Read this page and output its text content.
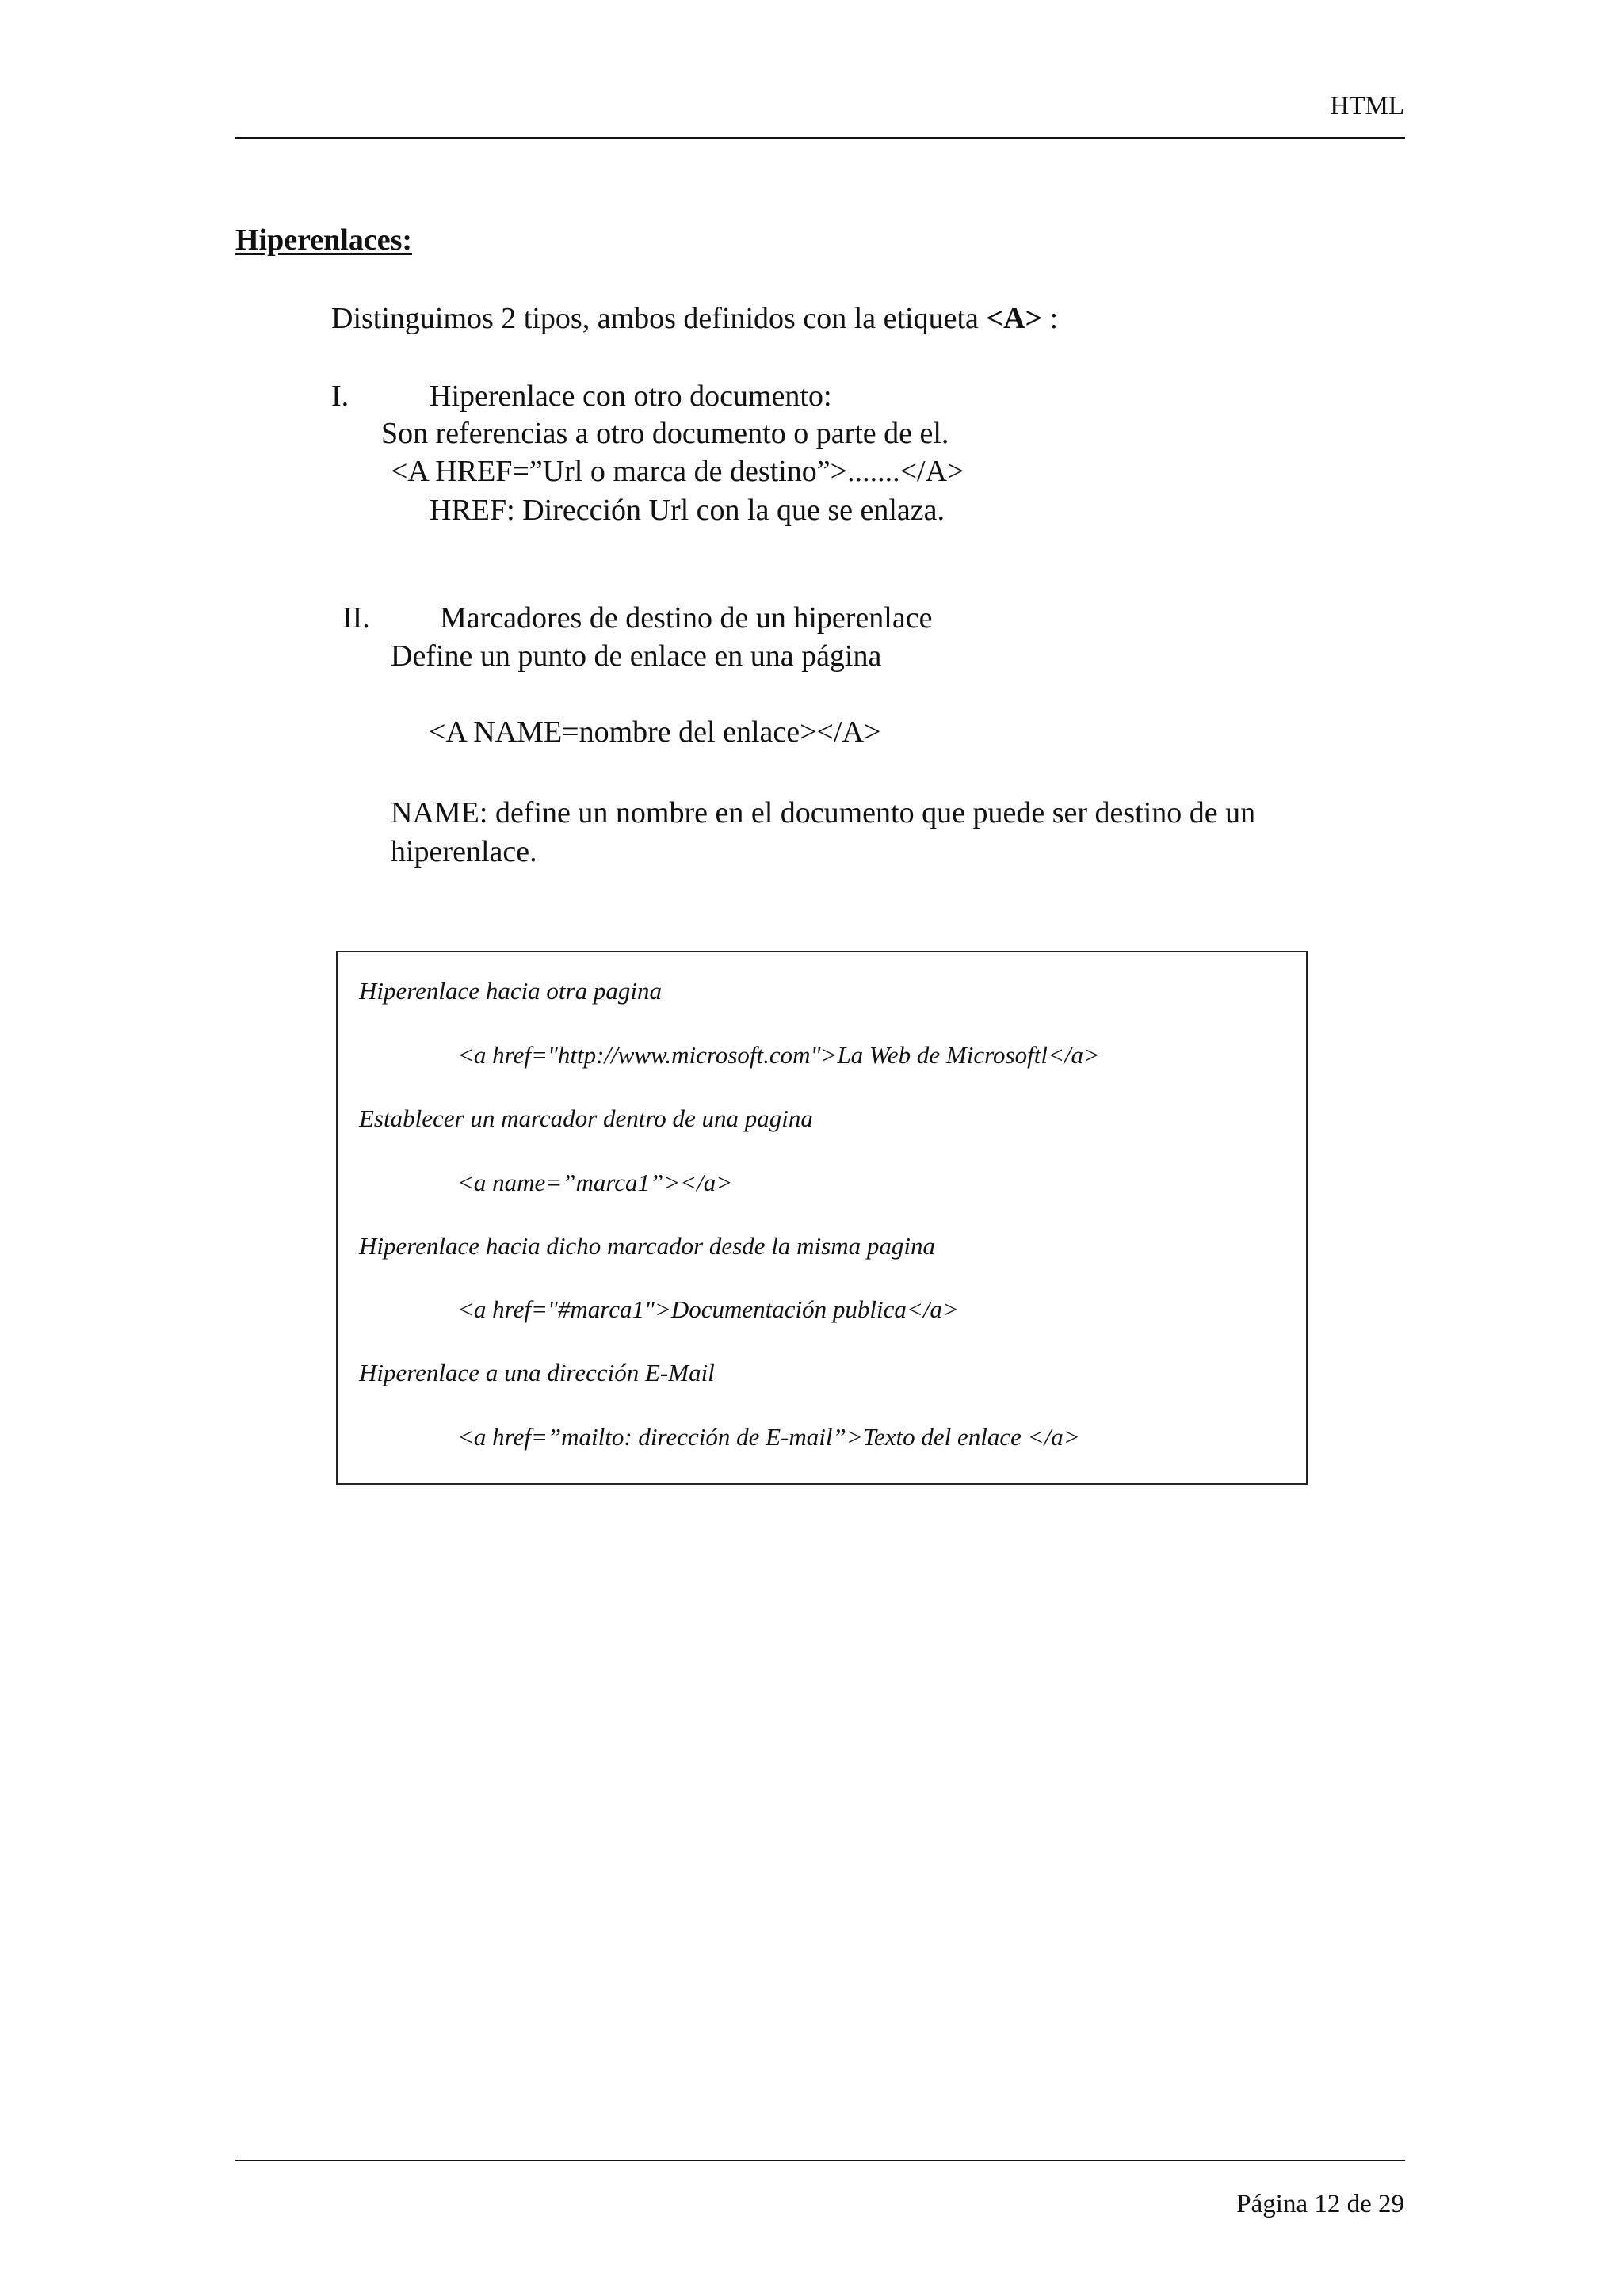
HTML
Hiperenlaces:
Distinguimos 2 tipos, ambos definidos con la etiqueta <A> :
I.	Hiperenlace con otro documento:
Son referencias a otro documento o parte de el.
<A HREF=”Url o marca de destino”>.......</A>
HREF: Dirección Url con la que se enlaza.
II. Marcadores de destino de un hiperenlace
Define un punto de enlace en una página
<A NAME=nombre del enlace></A>
NAME: define un nombre en el documento que puede ser destino de un hiperenlace.
Hiperenlace hacia otra pagina
<a href="http://www.microsoft.com">La Web de Microsoftl</a>
Establecer un marcador dentro de una pagina
<a name=”marca1”></a>
Hiperenlace hacia dicho marcador desde la misma pagina
<a href="#marca1">Documentación publica</a>
Hiperenlace a una dirección E-Mail
<a href=”mailto: dirección de E-mail”>Texto del enlace </a>
Página 12 de 29
